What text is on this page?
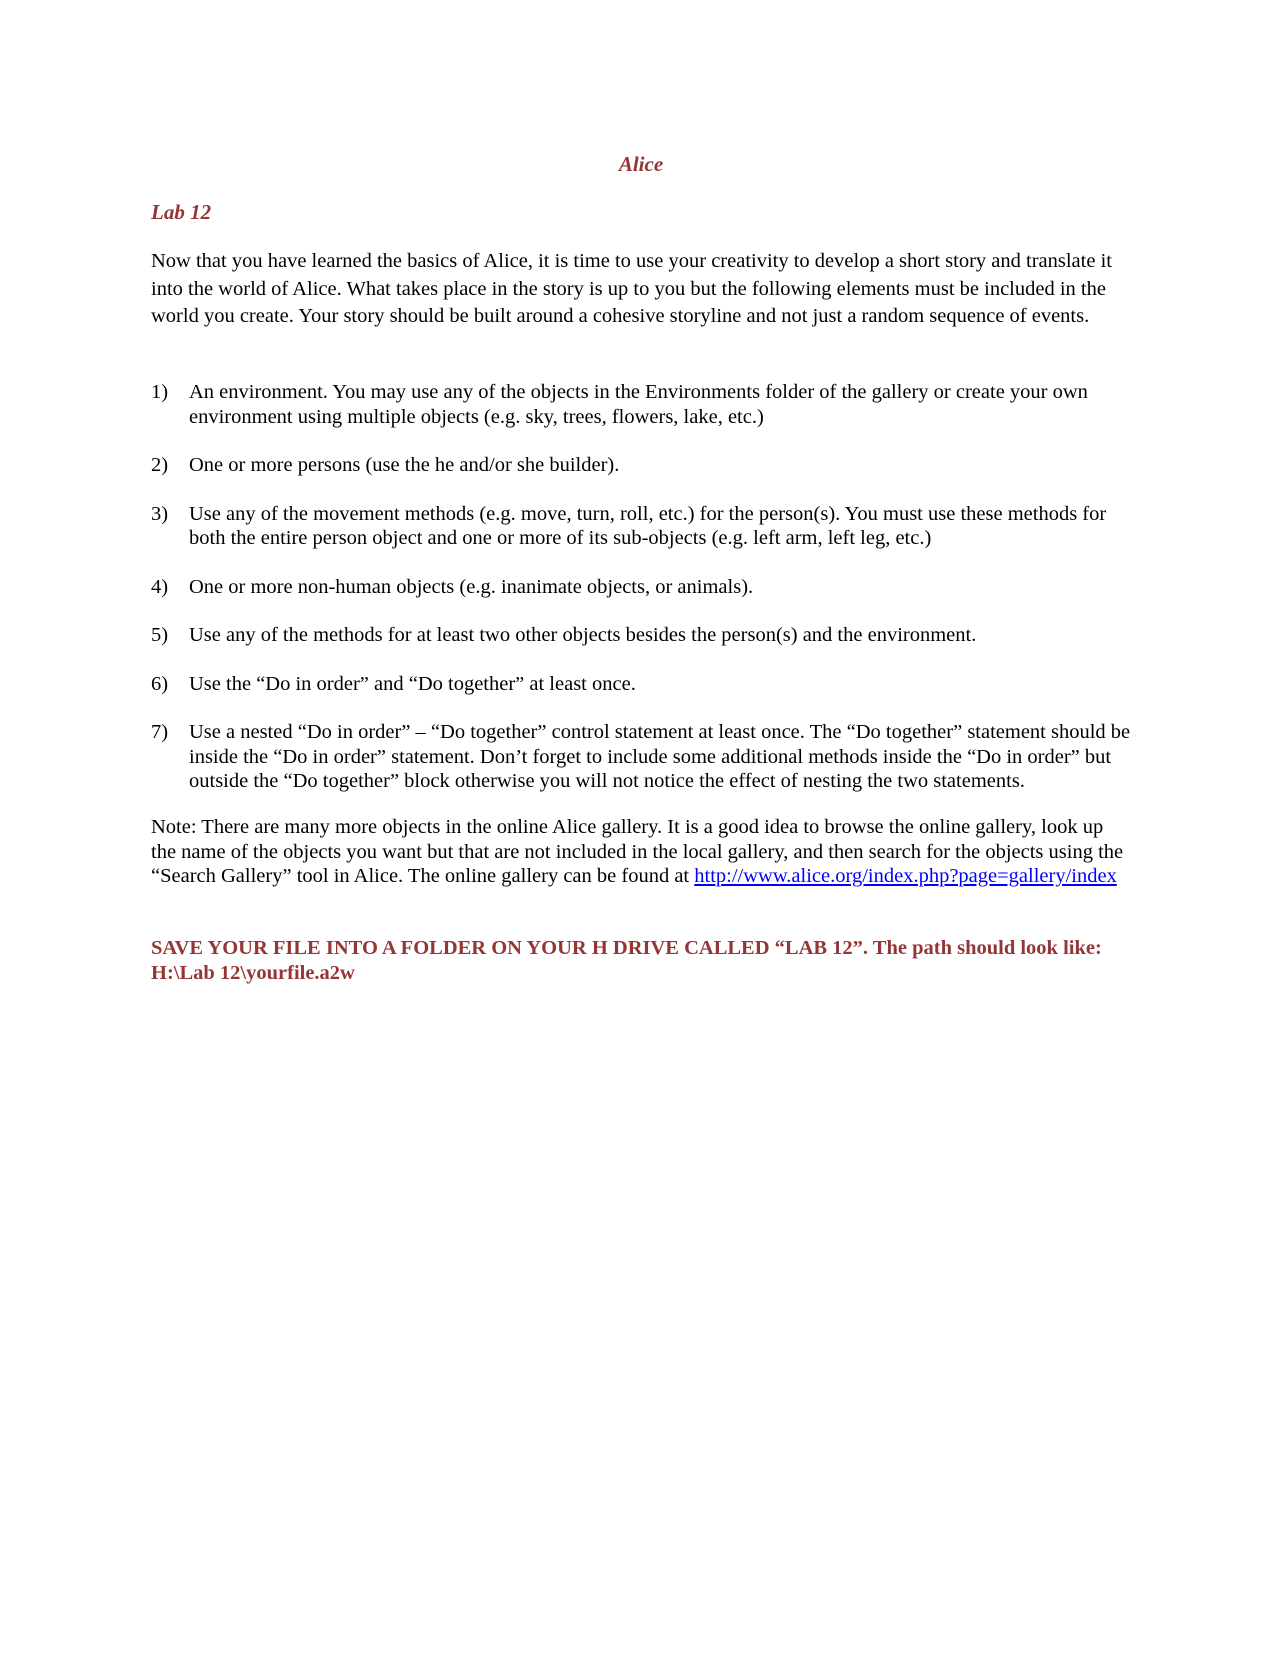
Alice
Lab 12
Now that you have learned the basics of Alice, it is time to use your creativity to develop a short story and translate it into the world of Alice. What takes place in the story is up to you but the following elements must be included in the world you create. Your story should be built around a cohesive storyline and not just a random sequence of events.
1) An environment. You may use any of the objects in the Environments folder of the gallery or create your own environment using multiple objects (e.g. sky, trees, flowers, lake, etc.)
2) One or more persons (use the he and/or she builder).
3) Use any of the movement methods (e.g. move, turn, roll, etc.) for the person(s). You must use these methods for both the entire person object and one or more of its sub-objects (e.g. left arm, left leg, etc.)
4) One or more non-human objects (e.g. inanimate objects, or animals).
5) Use any of the methods for at least two other objects besides the person(s) and the environment.
6) Use the “Do in order” and “Do together” at least once.
7) Use a nested “Do in order” – “Do together” control statement at least once. The “Do together” statement should be inside the “Do in order” statement. Don’t forget to include some additional methods inside the “Do in order” but outside the “Do together” block otherwise you will not notice the effect of nesting the two statements.
Note: There are many more objects in the online Alice gallery. It is a good idea to browse the online gallery, look up the name of the objects you want but that are not included in the local gallery, and then search for the objects using the “Search Gallery” tool in Alice. The online gallery can be found at http://www.alice.org/index.php?page=gallery/index
SAVE YOUR FILE INTO A FOLDER ON YOUR H DRIVE CALLED “LAB 12”. The path should look like:
H:\Lab 12\yourfile.a2w
